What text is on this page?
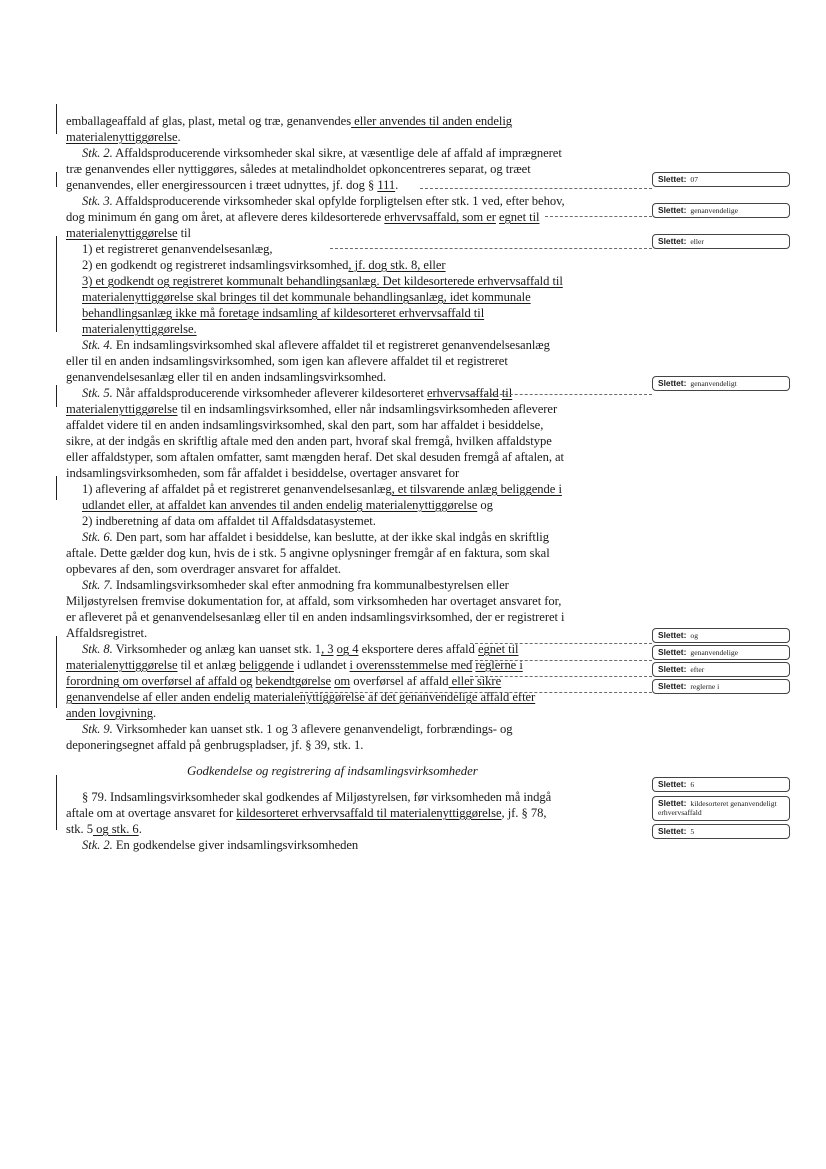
emballageaffald af glas, plast, metal og træ, genanvendes eller anvendes til anden endelig
materialenyttiggørelse.
Stk. 2. Affaldsproducerende virksomheder skal sikre, at væsentlige dele af affald af imprægneret
træ genanvendes eller nyttiggøres, således at metalindholdet opkoncentreres separat, og træet
genanvendes, eller energiressourcen i træet udnyttes, jf. dog § 111.
Stk. 3. Affaldsproducerende virksomheder skal opfylde forpligtelsen efter stk. 1 ved, efter behov,
dog minimum én gang om året, at aflevere deres kildesorterede erhvervsaffald, som er egnet til
materialenyttiggørelse til
1) et registreret genanvendelsesanlæg,
2) en godkendt og registreret indsamlingsvirksomhed, jf. dog stk. 8, eller
3) et godkendt og registreret kommunalt behandlingsanlæg. Det kildesorterede erhvervsaffald til
materialenyttiggørelse skal bringes til det kommunale behandlingsanlæg, idet kommunale
behandlingsanlæg ikke må foretage indsamling af kildesorteret erhvervsaffald til
materialenyttiggørelse.
Stk. 4. En indsamlingsvirksomhed skal aflevere affaldet til et registreret genanvendelsesanlæg
eller til en anden indsamlingsvirksomhed, som igen kan aflevere affaldet til et registreret
genanvendelsesanlæg eller til en anden indsamlingsvirksomhed.
Stk. 5. Når affaldsproducerende virksomheder afleverer kildesorteret erhvervsaffald til
materialenyttiggørelse til en indsamlingsvirksomhed, eller når indsamlingsvirksomheden afleverer
affaldet videre til en anden indsamlingsvirksomhed, skal den part, som har affaldet i besiddelse,
sikre, at der indgås en skriftlig aftale med den anden part, hvoraf skal fremgå, hvilken affaldstype
eller affaldstyper, som aftalen omfatter, samt mængden heraf. Det skal desuden fremgå af aftalen, at
indsamlingsvirksomheden, som får affaldet i besiddelse, overtager ansvaret for
1) aflevering af affaldet på et registreret genanvendelsesanlæg, et tilsvarende anlæg beliggende i
udlandet eller, at affaldet kan anvendes til anden endelig materialenyttiggørelse og
2) indberetning af data om affaldet til Affaldsdatasystemet.
Stk. 6. Den part, som har affaldet i besiddelse, kan beslutte, at der ikke skal indgås en skriftlig
aftale. Dette gælder dog kun, hvis de i stk. 5 angivne oplysninger fremgår af en faktura, som skal
opbevares af den, som overdrager ansvaret for affaldet.
Stk. 7. Indsamlingsvirksomheder skal efter anmodning fra kommunalbestyrelsen eller
Miljøstyrelsen fremvise dokumentation for, at affald, som virksomheden har overtaget ansvaret for,
er afleveret på et genanvendelsesanlæg eller til en anden indsamlingsvirksomhed, der er registreret i
Affaldsregistret.
Stk. 8. Virksomheder og anlæg kan uanset stk. 1, 3 og 4 eksportere deres affald egnet til
materialenyttiggørelse til et anlæg beliggende i udlandet i overensstemmelse med reglerne i
forordning om overførsel af affald og bekendtgørelse om overførsel af affald eller sikre
genanvendelse af eller anden endelig materialenyttiggørelse af det genanvendelige affald efter
anden lovgivning.
Stk. 9. Virksomheder kan uanset stk. 1 og 3 aflevere genanvendeligt, forbrændings- og
deponeringsegnet affald på genbrugspladser, jf. § 39, stk. 1.
Godkendelse og registrering af indsamlingsvirksomheder
§ 79. Indsamlingsvirksomheder skal godkendes af Miljøstyrelsen, før virksomheden må indgå
aftale om at overtage ansvaret for kildesorteret erhvervsaffald til materialenyttiggørelse, jf. § 78,
stk. 5 og stk. 6.
Stk. 2. En godkendelse giver indsamlingsvirksomheden
Slettet: 07
Slettet: genanvendelige
Slettet: eller
Slettet: genanvendeligt
Slettet: og
Slettet: genanvendelige
Slettet: efter
Slettet: reglerne i
Slettet: 6
Slettet: kildesorteret genanvendeligt erhvervsaffald
Slettet: 5
